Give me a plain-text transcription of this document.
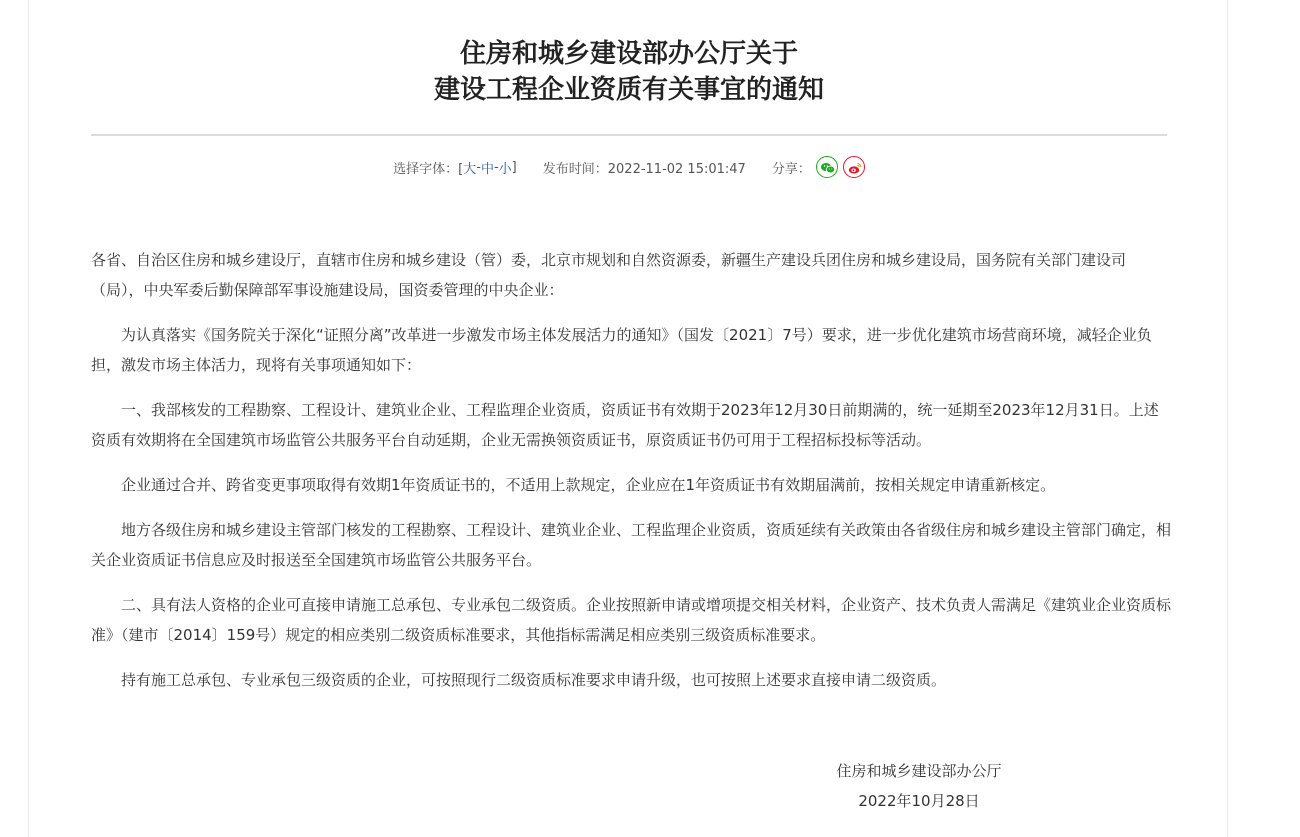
住房和城乡建设部办公厅关于
建设工程企业资质有关事宜的通知
选择字体：[ 大 - 中 - 小 ] 发布时间：2022-11-02 15:01:47 分享：

各省、自治区住房和城乡建设厅，直辖市住房和城乡建设（管）委，北京市规划和自然资源委，新疆生产建设兵团住房和城乡建设局，国务院有关部门建设司（局），中央军委后勤保障部军事设施建设局，国资委管理的中央企业：

为认真落实《国务院关于深化“证照分离”改革进一步激发市场主体发展活力的通知》（国发〔2021〕7号）要求，进一步优化建筑市场营商环境，减轻企业负担，激发市场主体活力，现将有关事项通知如下：

一、我部核发的工程勘察、工程设计、建筑业企业、工程监理企业资质，资质证书有效期于2023年12月30日前期满的，统一延期至2023年12月31日。上述资质有效期将在全国建筑市场监管公共服务平台自动延期，企业无需换领资质证书，原资质证书仍可用于工程招标投标等活动。

企业通过合并、跨省变更事项取得有效期1年资质证书的，不适用上款规定，企业应在1年资质证书有效期届满前，按相关规定申请重新核定。

地方各级住房和城乡建设主管部门核发的工程勘察、工程设计、建筑业企业、工程监理企业资质，资质延续有关政策由各省级住房和城乡建设主管部门确定，相关企业资质证书信息应及时报送至全国建筑市场监管公共服务平台。

二、具有法人资格的企业可直接申请施工总承包、专业承包二级资质。企业按照新申请或增项提交相关材料，企业资产、技术负责人需满足《建筑业企业资质标准》（建市〔2014〕159号）规定的相应类别二级资质标准要求，其他指标需满足相应类别三级资质标准要求。

持有施工总承包、专业承包三级资质的企业，可按照现行二级资质标准要求申请升级，也可按照上述要求直接申请二级资质。

住房和城乡建设部办公厅
2022年10月28日
